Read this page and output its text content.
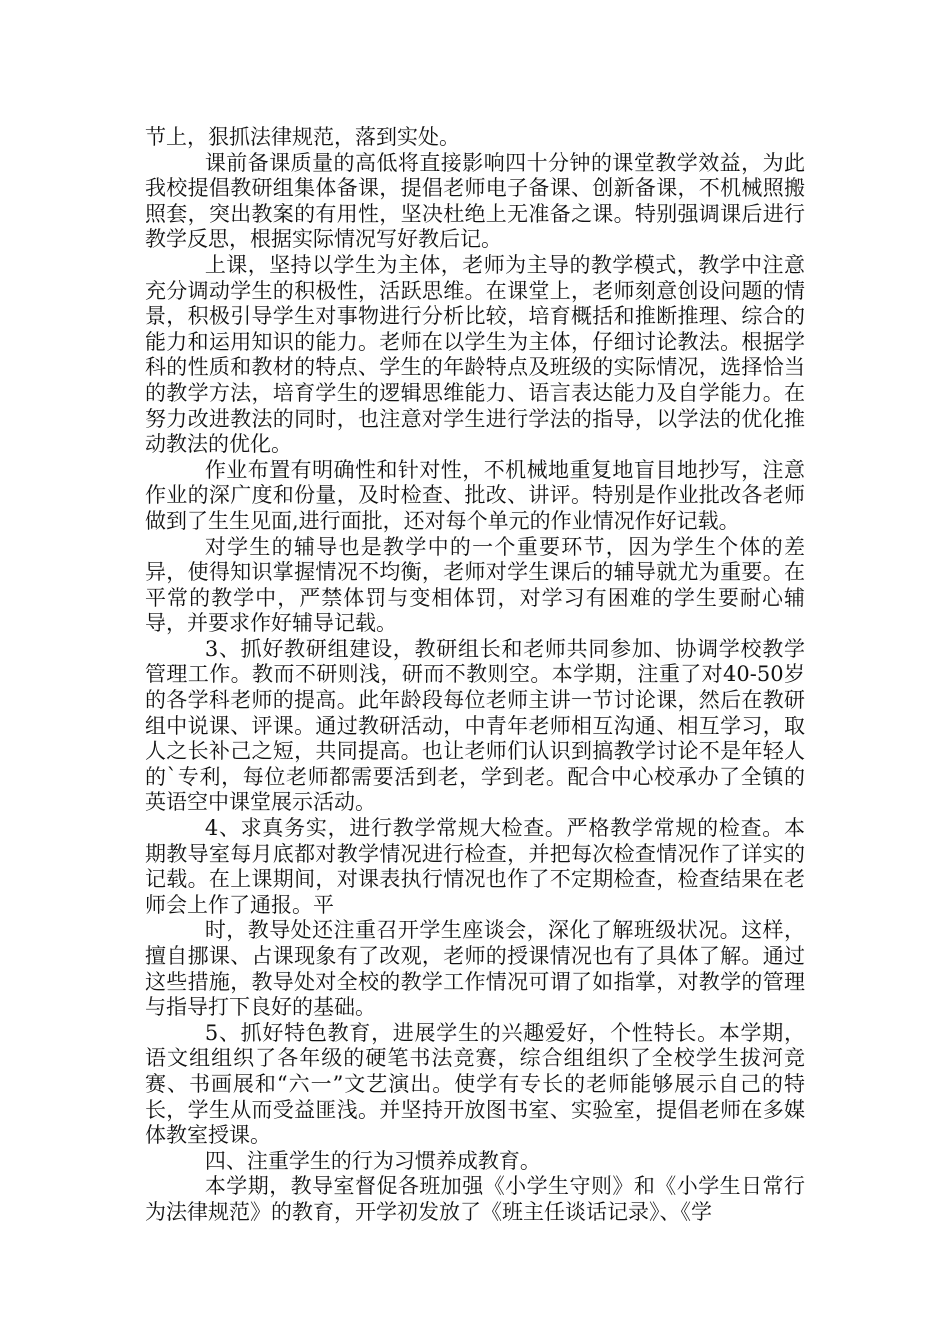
节上，狠抓法律规范，落到实处。

课前备课质量的高低将直接影响四十分钟的课堂教学效益，为此我校提倡教研组集体备课，提倡老师电子备课、创新备课，不机械照搬照套，突出教案的有用性，坚决杜绝上无准备之课。特别强调课后进行教学反思，根据实际情况写好教后记。

上课，坚持以学生为主体，老师为主导的教学模式，教学中注意充分调动学生的积极性，活跃思维。在课堂上，老师刻意创设问题的情景，积极引导学生对事物进行分析比较，培育概括和推断推理、综合的能力和运用知识的能力。老师在以学生为主体，仔细讨论教法。根据学科的性质和教材的特点、学生的年龄特点及班级的实际情况，选择恰当的教学方法，培育学生的逻辑思维能力、语言表达能力及自学能力。在努力改进教法的同时，也注意对学生进行学法的指导，以学法的优化推动教法的优化。

作业布置有明确性和针对性，不机械地重复地盲目地抄写，注意作业的深广度和份量，及时检查、批改、讲评。特别是作业批改各老师做到了生生见面,进行面批，还对每个单元的作业情况作好记载。

对学生的辅导也是教学中的一个重要环节，因为学生个体的差异，使得知识掌握情况不均衡，老师对学生课后的辅导就尤为重要。在平常的教学中，严禁体罚与变相体罚，对学习有困难的学生要耐心辅导，并要求作好辅导记载。

3、抓好教研组建设，教研组长和老师共同参加、协调学校教学管理工作。教而不研则浅，研而不教则空。本学期，注重了对40-50岁的各学科老师的提高。此年龄段每位老师主讲一节讨论课，然后在教研组中说课、评课。通过教研活动，中青年老师相互沟通、相互学习，取人之长补己之短，共同提高。也让老师们认识到搞教学讨论不是年轻人的`专利，每位老师都需要活到老，学到老。配合中心校承办了全镇的英语空中课堂展示活动。

4、求真务实，进行教学常规大检查。严格教学常规的检查。本期教导室每月底都对教学情况进行检查，并把每次检查情况作了详实的记载。在上课期间，对课表执行情况也作了不定期检查，检查结果在老师会上作了通报。平

时，教导处还注重召开学生座谈会，深化了解班级状况。这样，擅自挪课、占课现象有了改观，老师的授课情况也有了具体了解。通过这些措施，教导处对全校的教学工作情况可谓了如指掌，对教学的管理与指导打下良好的基础。

5、抓好特色教育，进展学生的兴趣爱好，个性特长。本学期，语文组组织了各年级的硬笔书法竞赛，综合组组织了全校学生拔河竞赛、书画展和“六一”文艺演出。使学有专长的老师能够展示自己的特长，学生从而受益匪浅。并坚持开放图书室、实验室，提倡老师在多媒体教室授课。

四、注重学生的行为习惯养成教育。

本学期，教导室督促各班加强《小学生守则》和《小学生日常行为法律规范》的教育，开学初发放了《班主任谈话记录》、《学
